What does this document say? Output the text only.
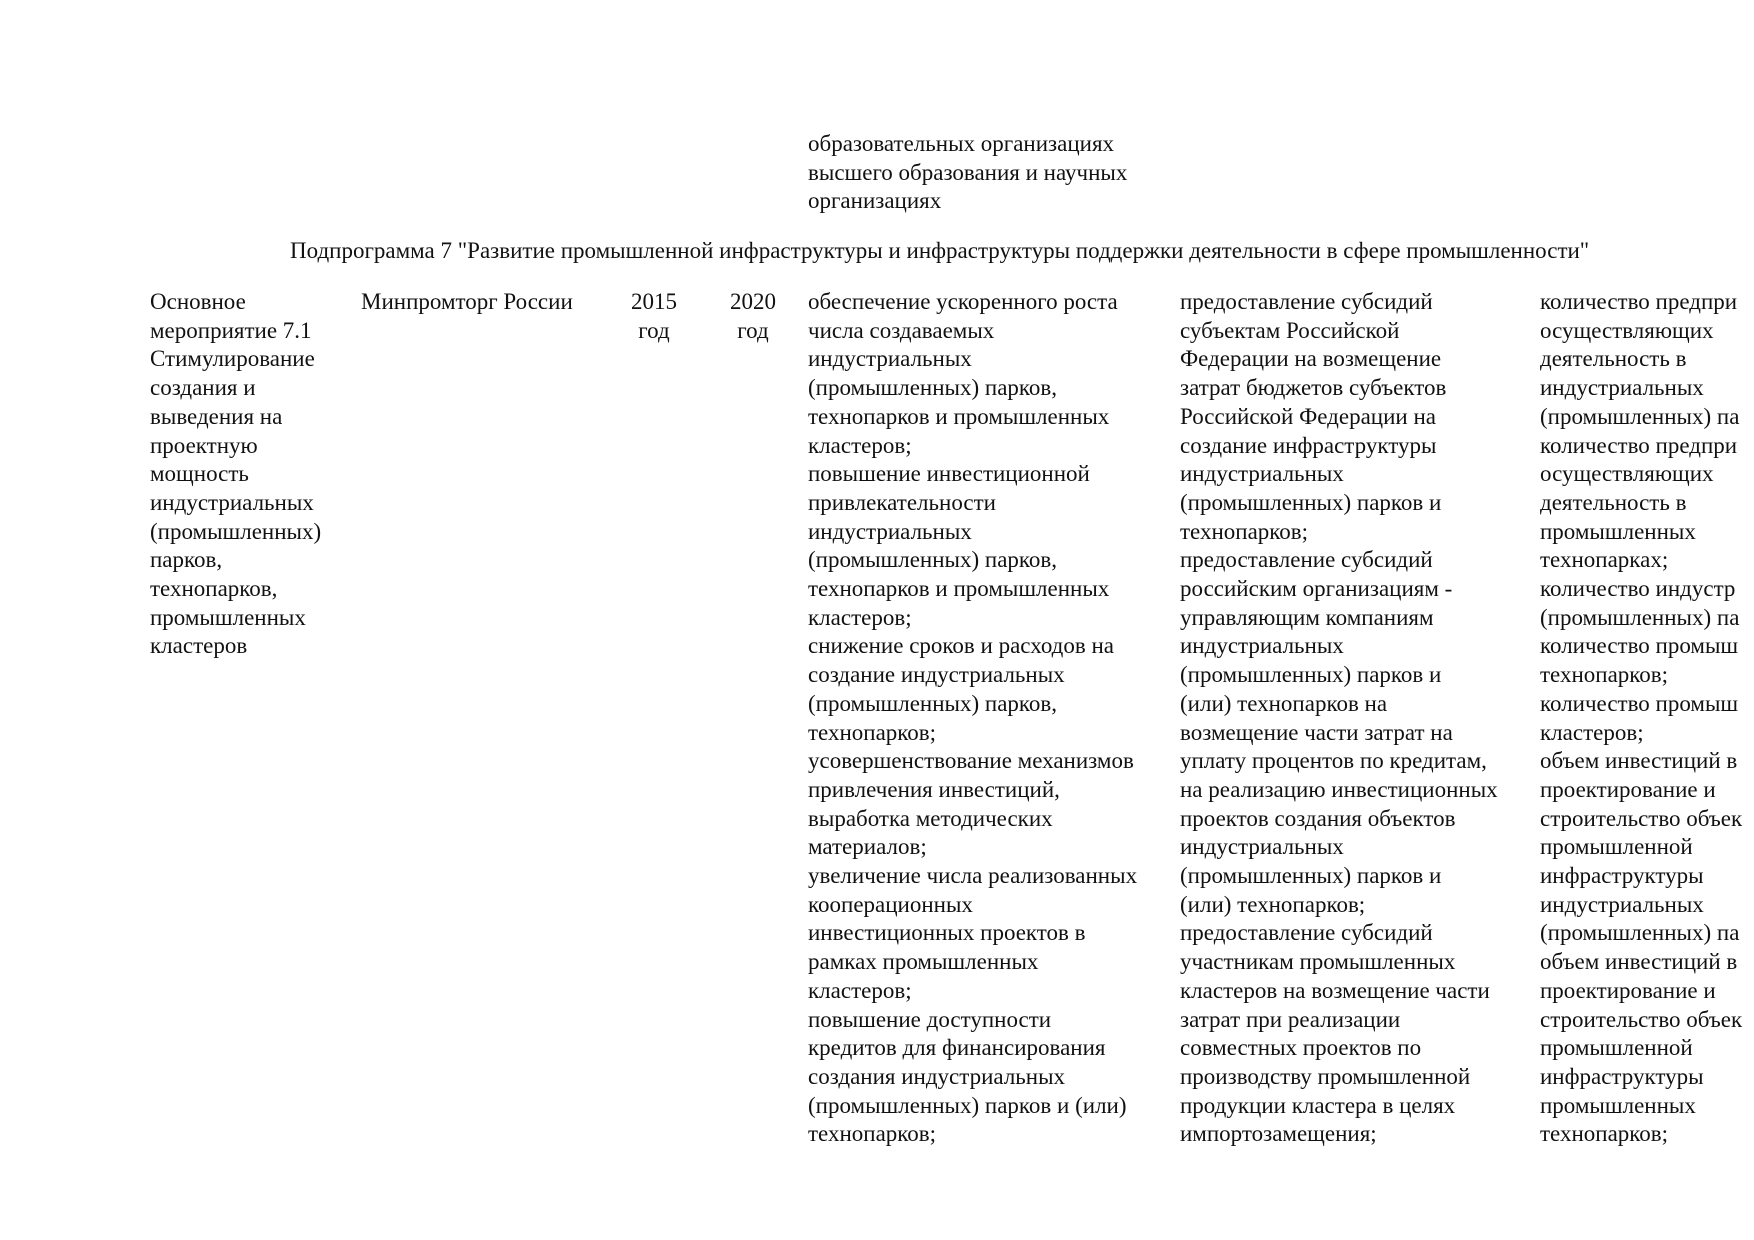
образовательных организациях
высшего образования и научных
организациях
Подпрограмма 7 "Развитие промышленной инфраструктуры и инфраструктуры поддержки деятельности в сфере промышленности"
Основное
мероприятие 7.1
Стимулирование
создания и
выведения на
проектную
мощность
индустриальных
(промышленных)
парков,
технопарков,
промышленных
кластеров
Минпромторг России	2015
год
2020
год
обеспечение ускоренного роста
числа создаваемых
индустриальных
(промышленных) парков,
технопарков и промышленных
кластеров;
повышение инвестиционной
привлекательности
индустриальных
(промышленных) парков,
технопарков и промышленных
кластеров;
снижение сроков и расходов на
создание индустриальных
(промышленных) парков,
технопарков;
усовершенствование механизмов
привлечения инвестиций,
выработка методических
материалов;
увеличение числа реализованных
кооперационных
инвестиционных проектов в
рамках промышленных
кластеров;
повышение доступности
кредитов для финансирования
создания индустриальных
(промышленных) парков и (или)
технопарков;
предоставление субсидий
субъектам Российской
Федерации на возмещение
затрат бюджетов субъектов
Российской Федерации на
создание инфраструктуры
индустриальных
(промышленных) парков и
технопарков;
предоставление субсидий
российским организациям -
управляющим компаниям
индустриальных
(промышленных) парков и
(или) технопарков на
возмещение части затрат на
уплату процентов по кредитам,
на реализацию инвестиционных
проектов создания объектов
индустриальных
(промышленных) парков и
(или) технопарков;
предоставление субсидий
участникам промышленных
кластеров на возмещение части
затрат при реализации
совместных проектов по
производству промышленной
продукции кластера в целях
импортозамещения;
количество предпри
осуществляющих
деятельность в
индустриальных
(промышленных) па
количество предпри
осуществляющих
деятельность в
промышленных
технопарках;
количество индустр
(промышленных) па
количество промыш
технопарков;
количество промыш
кластеров;
объем инвестиций в
проектирование и
строительство объек
промышленной
инфраструктуры
индустриальных
(промышленных) па
объем инвестиций в
проектирование и
строительство объек
промышленной
инфраструктуры
промышленных
технопарков;
